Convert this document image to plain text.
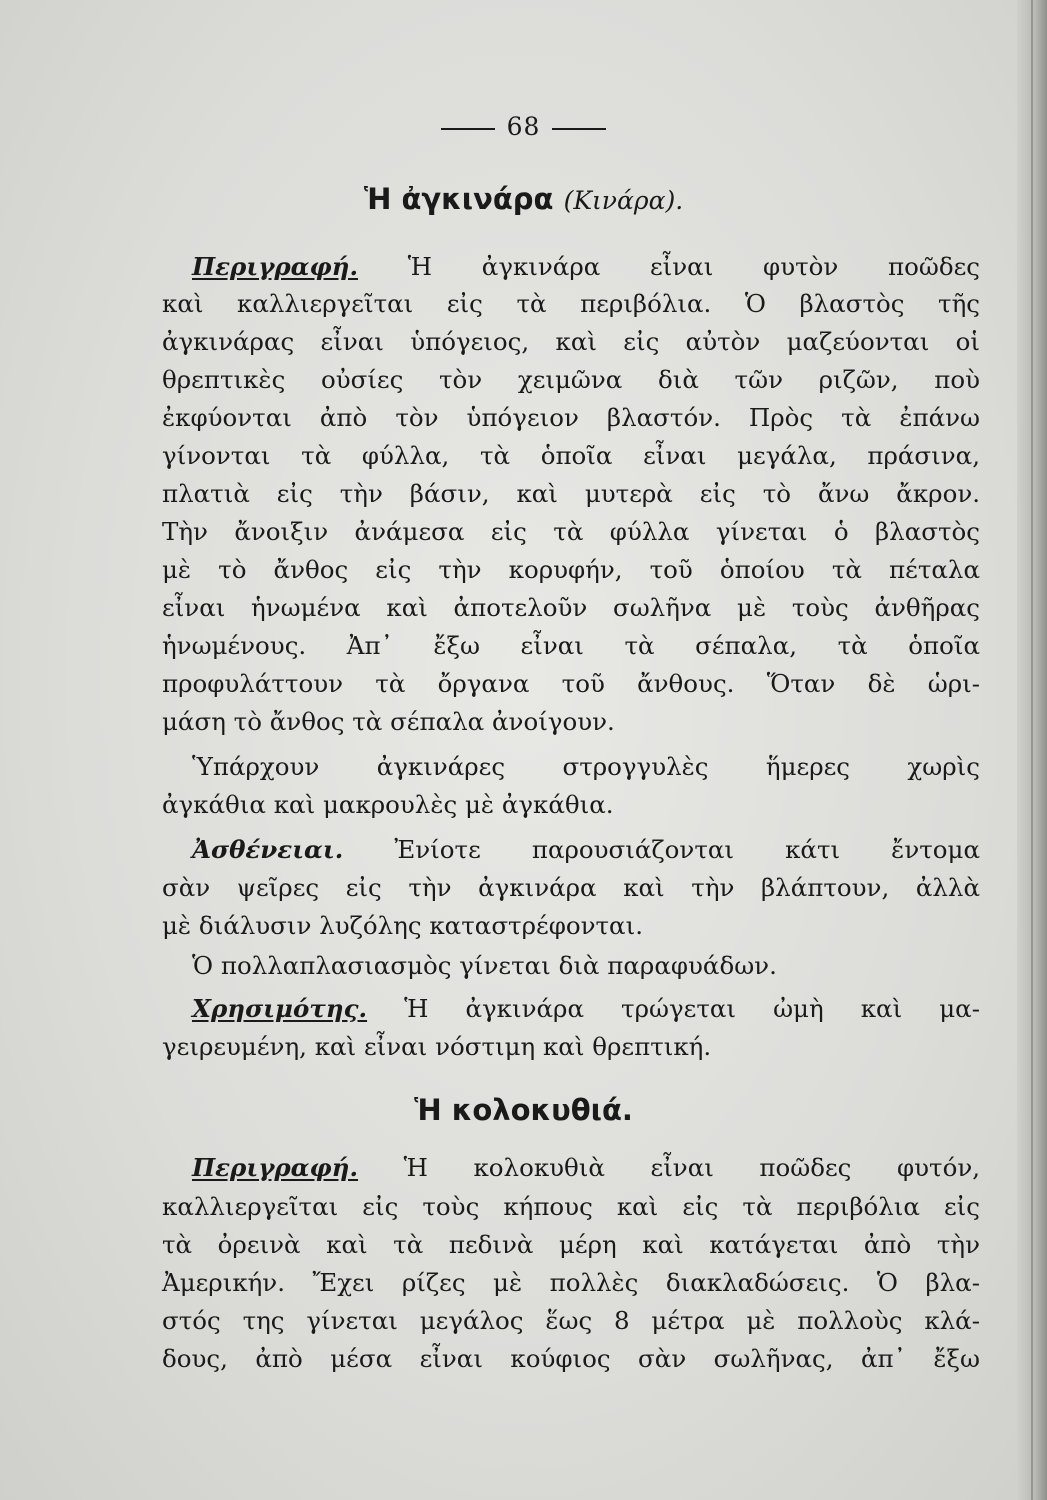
68
Ἡ ἀγκινάρα (Κινάρα).
Περιγραφή. Ἡ ἀγκινάρα εἶναι φυτὸν ποῶδες
καὶ καλλιεργεῖται εἰς τὰ περιβόλια. Ὁ βλαστὸς τῆς
ἀγκινάρας εἶναι ὑπόγειος, καὶ εἰς αὐτὸν μαζεύονται οἱ
θρεπτικὲς οὐσίες τὸν χειμῶνα διὰ τῶν ριζῶν, ποὺ
ἐκφύονται ἀπὸ τὸν ὑπόγειον βλαστόν. Πρὸς τὰ ἐπάνω
γίνονται τὰ φύλλα, τὰ ὁποῖα εἶναι μεγάλα, πράσινα,
πλατιὰ εἰς τὴν βάσιν, καὶ μυτερὰ εἰς τὸ ἄνω ἄκρον.
Τὴν ἄνοιξιν ἀνάμεσα εἰς τὰ φύλλα γίνεται ὁ βλαστὸς
μὲ τὸ ἄνθος εἰς τὴν κορυφήν, τοῦ ὁποίου τὰ πέταλα
εἶναι ἡνωμένα καὶ ἀποτελοῦν σωλῆνα μὲ τοὺς ἀνθῆρας
ἡνωμένους. Ἀπ᾽ ἔξω εἶναι τὰ σέπαλα, τὰ ὁποῖα
προφυλάττουν τὰ ὄργανα τοῦ ἄνθους. Ὅταν δὲ ὡρι-
μάση τὸ ἄνθος τὰ σέπαλα ἀνοίγουν.
Ὑπάρχουν ἀγκινάρες στρογγυλὲς ἥμερες χωρὶς
ἀγκάθια καὶ μακρουλὲς μὲ ἀγκάθια.
Ἀσθένειαι. Ἐνίοτε παρουσιάζονται κάτι ἔντομα
σὰν ψεῖρες εἰς τὴν ἀγκινάρα καὶ τὴν βλάπτουν, ἀλλὰ
μὲ διάλυσιν λυζόλης καταστρέφονται.
Ὁ πολλαπλασιασμὸς γίνεται διὰ παραφυάδων.
Χρησιμότης. Ἡ ἀγκινάρα τρώγεται ὠμὴ καὶ μα-
γειρευμένη, καὶ εἶναι νόστιμη καὶ θρεπτική.
Ἡ κολοκυθιά.
Περιγραφή. Ἡ κολοκυθιὰ εἶναι ποῶδες φυτόν,
καλλιεργεῖται εἰς τοὺς κήπους καὶ εἰς τὰ περιβόλια εἰς
τὰ ὀρεινὰ καὶ τὰ πεδινὰ μέρη καὶ κατάγεται ἀπὸ τὴν
Ἀμερικήν. Ἔχει ρίζες μὲ πολλὲς διακλαδώσεις. Ὁ βλα-
στός της γίνεται μεγάλος ἕως 8 μέτρα μὲ πολλοὺς κλά-
δους, ἀπὸ μέσα εἶναι κούφιος σὰν σωλῆνας, ἀπ᾽ ἔξω
